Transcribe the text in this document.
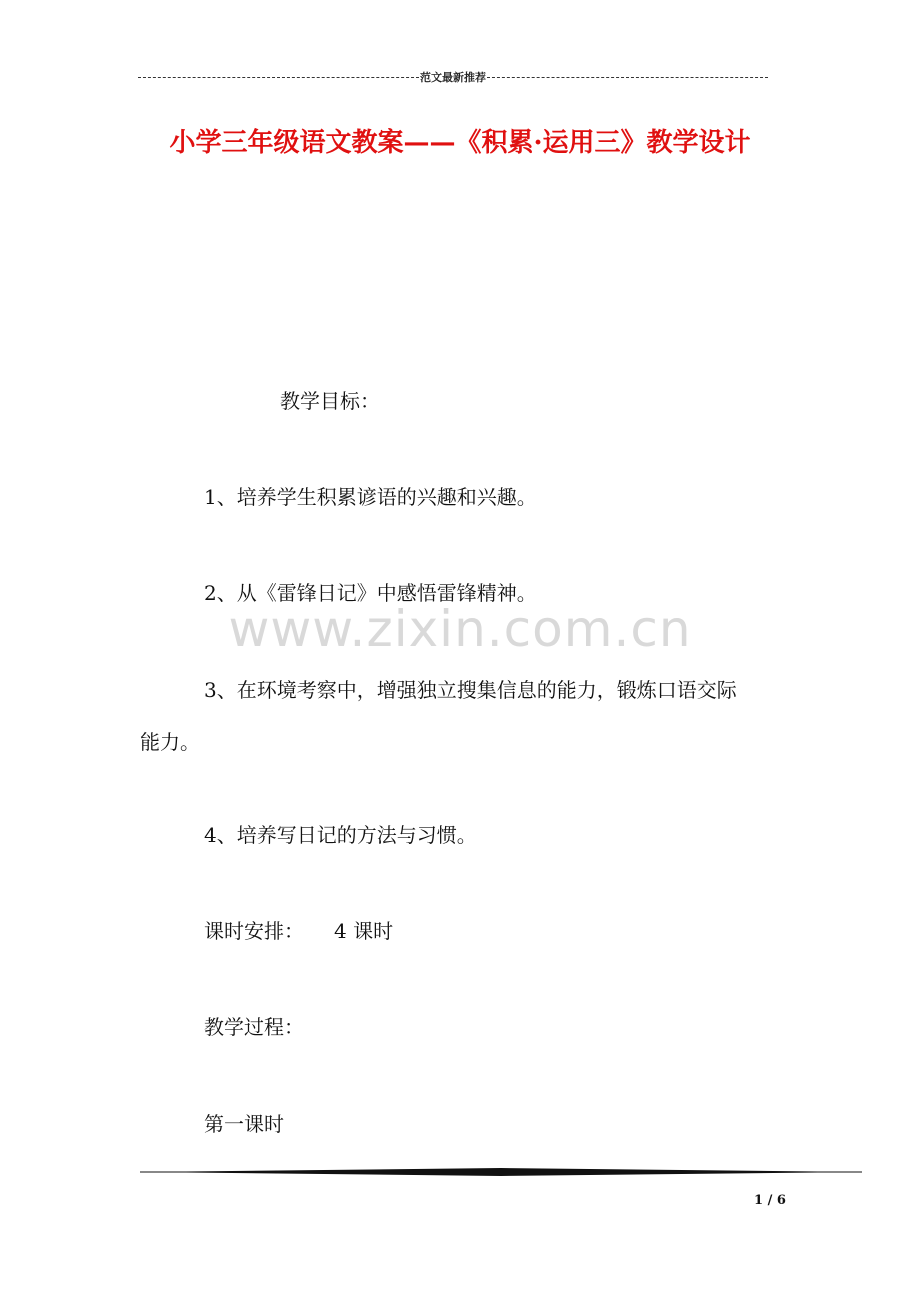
范文最新推荐
小学三年级语文教案——《积累·运用三》教学设计
www.zixin.com.cn
教学目标：
1、培养学生积累谚语的兴趣和兴趣。
2、从《雷锋日记》中感悟雷锋精神。
3、在环境考察中，增强独立搜集信息的能力，锻炼口语交际
能力。
4、培养写日记的方法与习惯。
课时安排： 4 课时
教学过程：
第一课时
1 / 6
